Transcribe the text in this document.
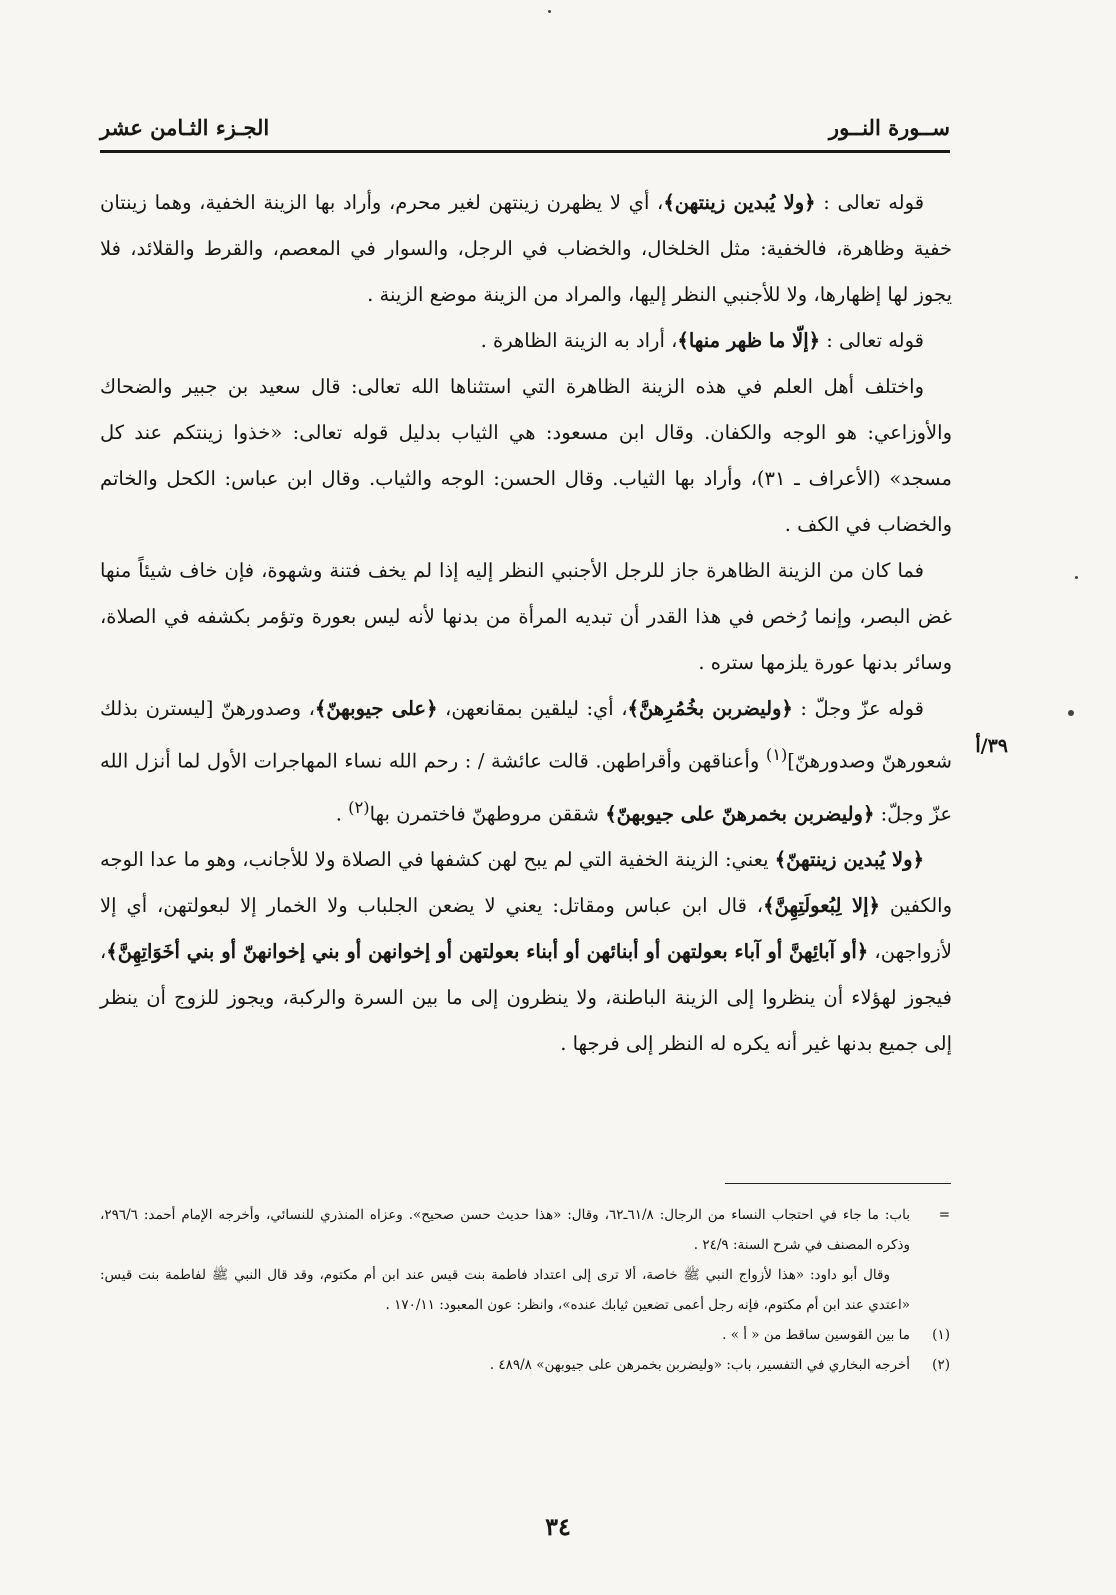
ســورة النــور
الجـزء الثـامن عشر
٣٩/أ

قوله تعالى : ﴿ولا يُبدين زينتهن﴾، أي لا يظهرن زينتهن لغير محرم، وأراد بها الزينة الخفية، وهما زينتان خفية وظاهرة، فالخفية: مثل الخلخال، والخضاب في الرجل، والسوار في المعصم، والقرط والقلائد، فلا يجوز لها إظهارها، ولا للأجنبي النظر إليها، والمراد من الزينة موضع الزينة .

قوله تعالى : ﴿إلّا ما ظهر منها﴾، أراد به الزينة الظاهرة .

واختلف أهل العلم في هذه الزينة الظاهرة التي استثناها الله تعالى: قال سعيد بن جبير والضحاك والأوزاعي: هو الوجه والكفان. وقال ابن مسعود: هي الثياب بدليل قوله تعالى: «خذوا زينتكم عند كل مسجد» (الأعراف ـ ٣١)، وأراد بها الثياب. وقال الحسن: الوجه والثياب. وقال ابن عباس: الكحل والخاتم والخضاب في الكف .

فما كان من الزينة الظاهرة جاز للرجل الأجنبي النظر إليه إذا لم يخف فتنة وشهوة، فإن خاف شيئاً منها غض البصر، وإنما رُخص في هذا القدر أن تبديه المرأة من بدنها لأنه ليس بعورة وتؤمر بكشفه في الصلاة، وسائر بدنها عورة يلزمها ستره .

قوله عزّ وجلّ : ﴿وليضربن بخُمُرِهنَّ﴾، أي: ليلقين بمقانعهن، ﴿على جيوبهنّ﴾، وصدورهنّ [ليسترن بذلك شعورهنّ وصدورهنّ]$^{(١)}$ وأعناقهن وأقراطهن. قالت عائشة / : رحم الله نساء المهاجرات الأول لما أنزل الله عزّ وجلّ: ﴿وليضربن بخمرهنّ على جيوبهنّ﴾ شققن مروطهنّ فاختمرن بها$^{(٢)}$ .

﴿ولا يُبدين زينتهنّ﴾ يعني: الزينة الخفية التي لم يبح لهن كشفها في الصلاة ولا للأجانب، وهو ما عدا الوجه والكفين ﴿إلا لِبُعولَتِهِنَّ﴾، قال ابن عباس ومقاتل: يعني لا يضعن الجلباب ولا الخمار إلا لبعولتهن، أي إلا لأزواجهن، ﴿أو آبائِهنَّ أو آباء بعولتهن أو أبنائهن أو أبناء بعولتهن أو إخوانهن أو بني إخوانهنّ أو بني أخَوَاتِهِنَّ﴾، فيجوز لهؤلاء أن ينظروا إلى الزينة الباطنة، ولا ينظرون إلى ما بين السرة والركبة، ويجوز للزوج أن ينظر إلى جميع بدنها غير أنه يكره له النظر إلى فرجها .

=

باب: ما جاء في احتجاب النساء من الرجال: ٦١/٨ـ٦٢، وقال: «هذا حديث حسن صحيح». وعزاه المنذري للنسائي، وأخرجه الإمام أحمد: ٢٩٦/٦، وذكره المصنف في شرح السنة: ٢٤/٩ .

وقال أبو داود: «هذا لأزواج النبي ﷺ خاصة، ألا ترى إلى اعتداد فاطمة بنت قيس عند ابن أم مكتوم، وقد قال النبي ﷺ لفاطمة بنت قيس: «اعتدي عند ابن أم مكتوم، فإنه رجل أعمى تضعين ثيابك عنده»، وانظر: عون المعبود: ١٧٠/١١ .

(١)
ما بين القوسين ساقط من « أ » .
(٢)
أخرجه البخاري في التفسير، باب: «وليضربن بخمرهن على جيوبهن» ٤٨٩/٨ .
٣٤
